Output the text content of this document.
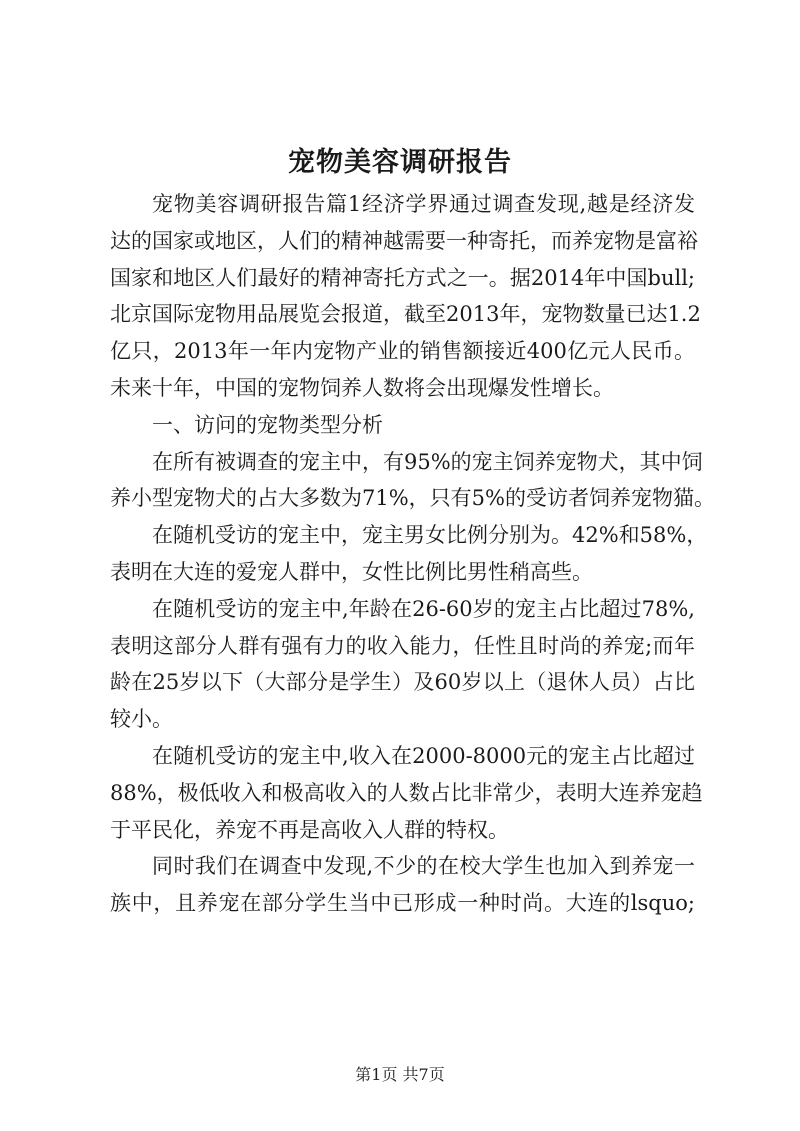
宠物美容调研报告
宠物美容调研报告篇1经济学界通过调查发现,越是经济发
达的国家或地区，人们的精神越需要一种寄托，而养宠物是富裕
国家和地区人们最好的精神寄托方式之一。据2014年中国bull;
北京国际宠物用品展览会报道，截至2013年，宠物数量已达1.2
亿只，2013年一年内宠物产业的销售额接近400亿元人民币。
未来十年，中国的宠物饲养人数将会出现爆发性增长。
一、访问的宠物类型分析
在所有被调查的宠主中，有95%的宠主饲养宠物犬，其中饲
养小型宠物犬的占大多数为71%，只有5%的受访者饲养宠物猫。
在随机受访的宠主中，宠主男女比例分别为。42%和58%，
表明在大连的爱宠人群中，女性比例比男性稍高些。
在随机受访的宠主中,年龄在26-60岁的宠主占比超过78%,
表明这部分人群有强有力的收入能力，任性且时尚的养宠;而年
龄在25岁以下（大部分是学生）及60岁以上（退休人员）占比
较小。
在随机受访的宠主中,收入在2000-8000元的宠主占比超过
88%，极低收入和极高收入的人数占比非常少，表明大连养宠趋
于平民化，养宠不再是高收入人群的特权。
同时我们在调查中发现,不少的在校大学生也加入到养宠一
族中，且养宠在部分学生当中已形成一种时尚。大连的lsquo;
第1页 共7页
